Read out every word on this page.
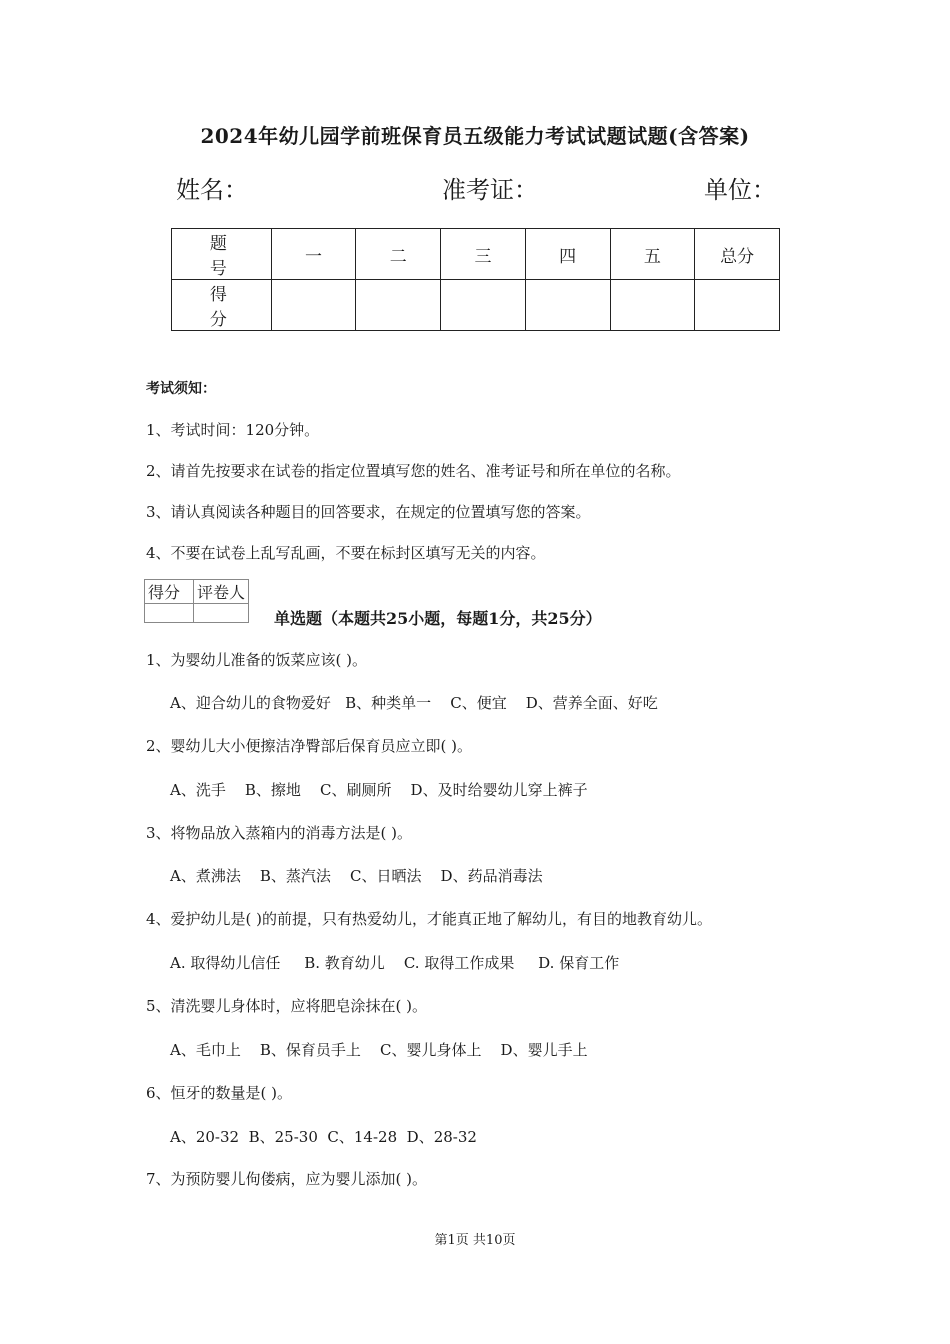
2024年幼儿园学前班保育员五级能力考试试题试题(含答案)
姓名：	准考证：	单位：
题 号	一	二	三	四	五	总分
得 分						
考试须知：
1、考试时间：120分钟。
2、请首先按要求在试卷的指定位置填写您的姓名、准考证号和所在单位的名称。
3、请认真阅读各种题目的回答要求，在规定的位置填写您的答案。
4、不要在试卷上乱写乱画，不要在标封区填写无关的内容。
得分	评卷人

单选题（本题共25小题，每题1分，共25分）
1、为婴幼儿准备的饭菜应该( )。
A、迎合幼儿的食物爱好   B、种类单一    C、便宜    D、营养全面、好吃
2、婴幼儿大小便擦洁净臀部后保育员应立即( )。
A、洗手    B、擦地    C、刷厕所    D、及时给婴幼儿穿上裤子
3、将物品放入蒸箱内的消毒方法是( )。
A、煮沸法    B、蒸汽法    C、日晒法    D、药品消毒法
4、爱护幼儿是( )的前提，只有热爱幼儿，才能真正地了解幼儿，有目的地教育幼儿。
A. 取得幼儿信任     B. 教育幼儿    C. 取得工作成果     D. 保育工作
5、清洗婴儿身体时，应将肥皂涂抹在( )。
A、毛巾上    B、保育员手上    C、婴儿身体上    D、婴儿手上
6、恒牙的数量是( )。
A、20-32  B、25-30  C、14-28  D、28-32
7、为预防婴儿佝偻病，应为婴儿添加( )。
第1页 共10页
